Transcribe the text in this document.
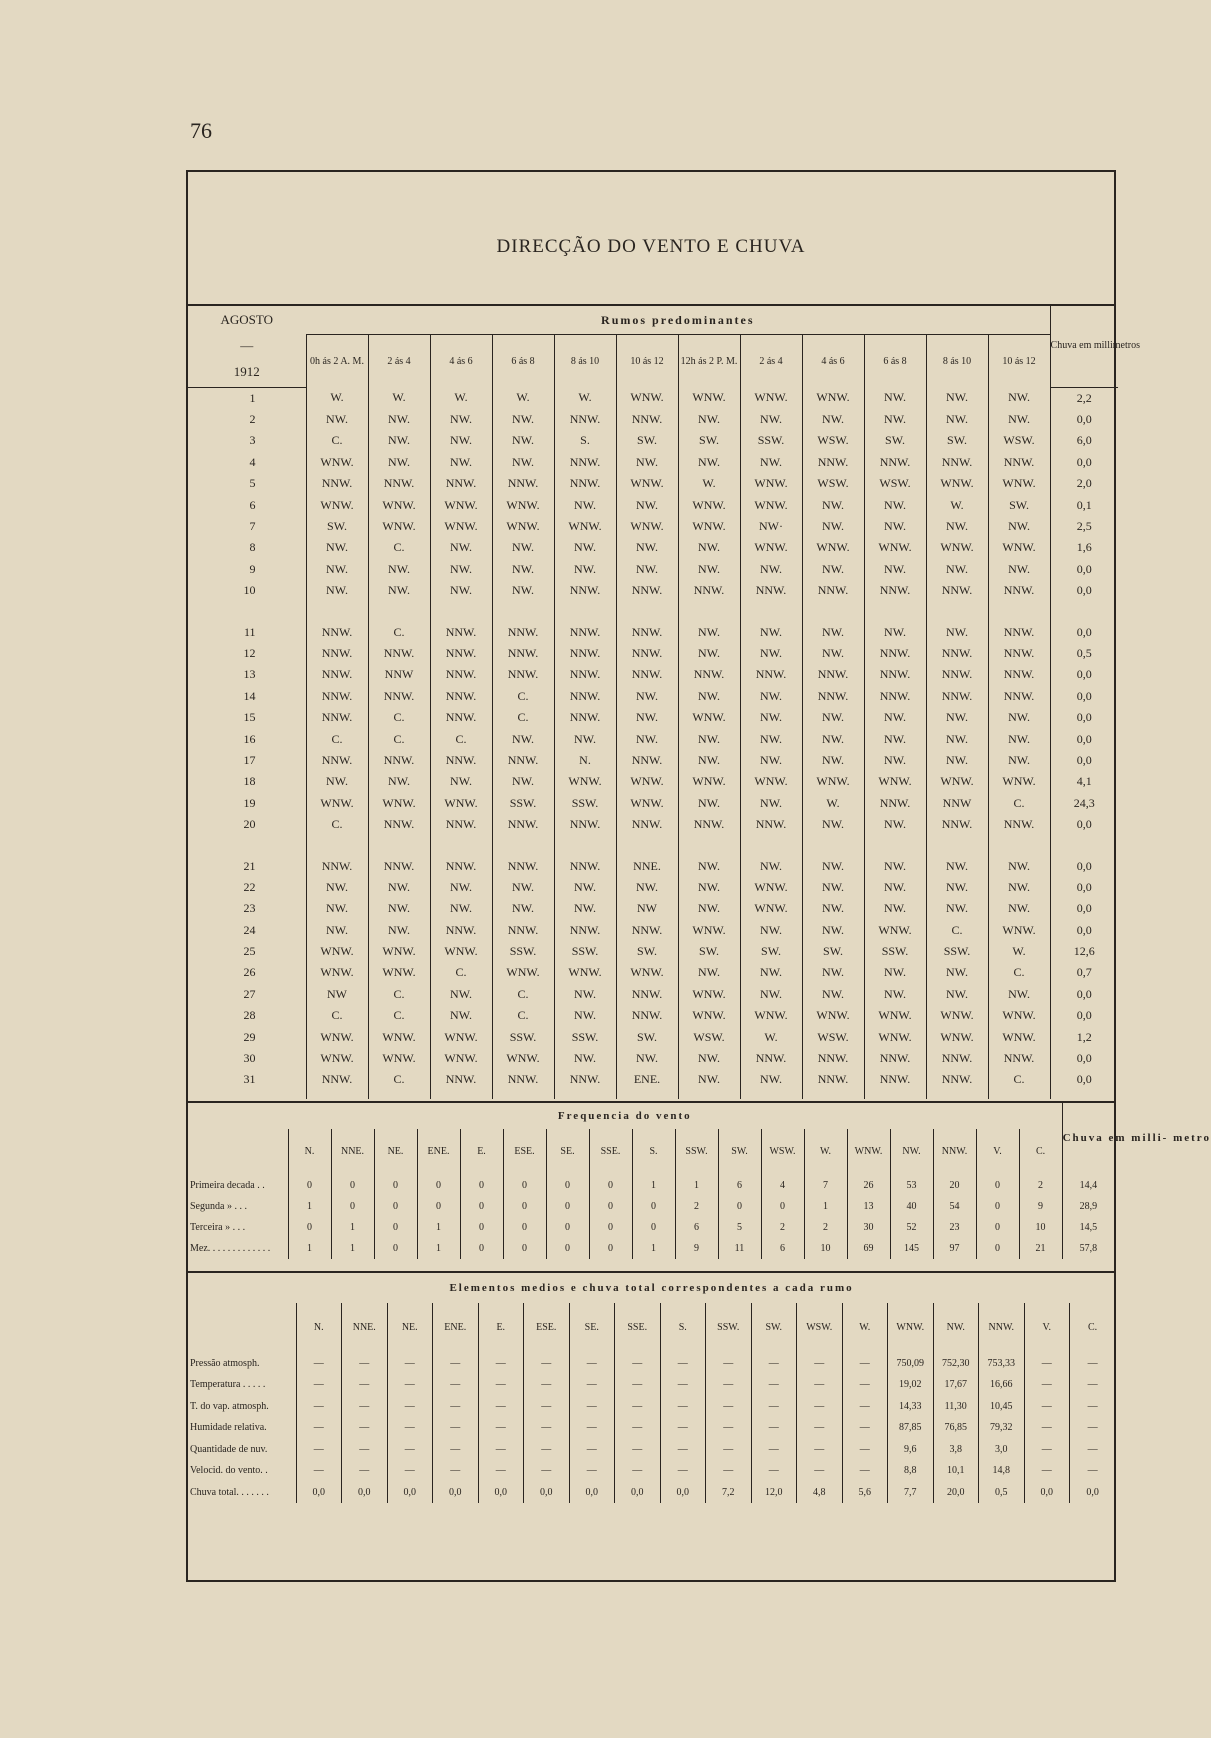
76
DIRECÇÃO DO VENTO E CHUVA
AGOSTO
—
1912	Rumos predominantes												Chuva em millimetros
	0h ás 2 A. M.	2 ás 4	4 ás 6	6 ás 8	8 ás 10	10 ás 12	12h ás 2 P. M.	2 ás 4	4 ás 6	6 ás 8	8 ás 10	10 ás 12	
1	W.	W.	W.	W.	W.	WNW.	WNW.	WNW.	WNW.	NW.	NW.	NW.	2,2
2	NW.	NW.	NW.	NW.	NNW.	NNW.	NW.	NW.	NW.	NW.	NW.	NW.	0,0
3	C.	NW.	NW.	NW.	S.	SW.	SW.	SSW.	WSW.	SW.	SW.	WSW.	6,0
4	WNW.	NW.	NW.	NW.	NNW.	NW.	NW.	NW.	NNW.	NNW.	NNW.	NNW.	0,0
5	NNW.	NNW.	NNW.	NNW.	NNW.	WNW.	W.	WNW.	WSW.	WSW.	WNW.	WNW.	2,0
6	WNW.	WNW.	WNW.	WNW.	NW.	NW.	WNW.	WNW.	NW.	NW.	W.	SW.	0,1
7	SW.	WNW.	WNW.	WNW.	WNW.	WNW.	WNW.	NW·	NW.	NW.	NW.	NW.	2,5
8	NW.	C.	NW.	NW.	NW.	NW.	NW.	WNW.	WNW.	WNW.	WNW.	WNW.	1,6
9	NW.	NW.	NW.	NW.	NW.	NW.	NW.	NW.	NW.	NW.	NW.	NW.	0,0
10	NW.	NW.	NW.	NW.	NNW.	NNW.	NNW.	NNW.	NNW.	NNW.	NNW.	NNW.	0,0

11	NNW.	C.	NNW.	NNW.	NNW.	NNW.	NW.	NW.	NW.	NW.	NW.	NNW.	0,0
12	NNW.	NNW.	NNW.	NNW.	NNW.	NNW.	NW.	NW.	NW.	NNW.	NNW.	NNW.	0,5
13	NNW.	NNW	NNW.	NNW.	NNW.	NNW.	NNW.	NNW.	NNW.	NNW.	NNW.	NNW.	0,0
14	NNW.	NNW.	NNW.	C.	NNW.	NW.	NW.	NW.	NNW.	NNW.	NNW.	NNW.	0,0
15	NNW.	C.	NNW.	C.	NNW.	NW.	WNW.	NW.	NW.	NW.	NW.	NW.	0,0
16	C.	C.	C.	NW.	NW.	NW.	NW.	NW.	NW.	NW.	NW.	NW.	0,0
17	NNW.	NNW.	NNW.	NNW.	N.	NNW.	NW.	NW.	NW.	NW.	NW.	NW.	0,0
18	NW.	NW.	NW.	NW.	WNW.	WNW.	WNW.	WNW.	WNW.	WNW.	WNW.	WNW.	4,1
19	WNW.	WNW.	WNW.	SSW.	SSW.	WNW.	NW.	NW.	W.	NNW.	NNW	C.	24,3
20	C.	NNW.	NNW.	NNW.	NNW.	NNW.	NNW.	NNW.	NW.	NW.	NNW.	NNW.	0,0

21	NNW.	NNW.	NNW.	NNW.	NNW.	NNE.	NW.	NW.	NW.	NW.	NW.	NW.	0,0
22	NW.	NW.	NW.	NW.	NW.	NW.	NW.	WNW.	NW.	NW.	NW.	NW.	0,0
23	NW.	NW.	NW.	NW.	NW.	NW	NW.	WNW.	NW.	NW.	NW.	NW.	0,0
24	NW.	NW.	NNW.	NNW.	NNW.	NNW.	WNW.	NW.	NW.	WNW.	C.	WNW.	0,0
25	WNW.	WNW.	WNW.	SSW.	SSW.	SW.	SW.	SW.	SW.	SSW.	SSW.	W.	12,6
26	WNW.	WNW.	C.	WNW.	WNW.	WNW.	NW.	NW.	NW.	NW.	NW.	C.	0,7
27	NW	C.	NW.	C.	NW.	NNW.	WNW.	NW.	NW.	NW.	NW.	NW.	0,0
28	C.	C.	NW.	C.	NW.	NNW.	WNW.	WNW.	WNW.	WNW.	WNW.	WNW.	0,0
29	WNW.	WNW.	WNW.	SSW.	SSW.	SW.	WSW.	W.	WSW.	WNW.	WNW.	WNW.	1,2
30	WNW.	WNW.	WNW.	WNW.	NW.	NW.	NW.	NNW.	NNW.	NNW.	NNW.	NNW.	0,0
31	NNW.	C.	NNW.	NNW.	NNW.	ENE.	NW.	NW.	NNW.	NNW.	NNW.	C.	0,0
Frequencia do vento																			Chuva em milli- metro
	N.	NNE.	NE.	ENE.	E.	ESE.	SE.	SSE.	S.	SSW.	SW.	WSW.	W.	WNW.	NW.	NNW.	V.	C.	
Primeira decada . .	0	0	0	0	0	0	0	0	1	1	6	4	7	26	53	20	0	2	14,4
Segunda » . . .	1	0	0	0	0	0	0	0	0	2	0	0	1	13	40	54	0	9	28,9
Terceira » . . .	0	1	0	1	0	0	0	0	0	6	5	2	2	30	52	23	0	10	14,5
Mez. . . . . . . . . . . . .	1	1	0	1	0	0	0	0	1	9	11	6	10	69	145	97	0	21	57,8
Elementos medios e chuva total correspondentes a cada rumo																		
	N.	NNE.	NE.	ENE.	E.	ESE.	SE.	SSE.	S.	SSW.	SW.	WSW.	W.	WNW.	NW.	NNW.	V.	C.
Pressão atmosph.	—	—	—	—	—	—	—	—	—	—	—	—	—	750,09	752,30	753,33	—	—
Temperatura . . . . .	—	—	—	—	—	—	—	—	—	—	—	—	—	19,02	17,67	16,66	—	—
T. do vap. atmosph.	—	—	—	—	—	—	—	—	—	—	—	—	—	14,33	11,30	10,45	—	—
Humidade relativa.	—	—	—	—	—	—	—	—	—	—	—	—	—	87,85	76,85	79,32	—	—
Quantidade de nuv.	—	—	—	—	—	—	—	—	—	—	—	—	—	9,6	3,8	3,0	—	—
Velocid. do vento. .	—	—	—	—	—	—	—	—	—	—	—	—	—	8,8	10,1	14,8	—	—
Chuva total. . . . . . .	0,0	0,0	0,0	0,0	0,0	0,0	0,0	0,0	0,0	7,2	12,0	4,8	5,6	7,7	20,0	0,5	0,0	0,0
